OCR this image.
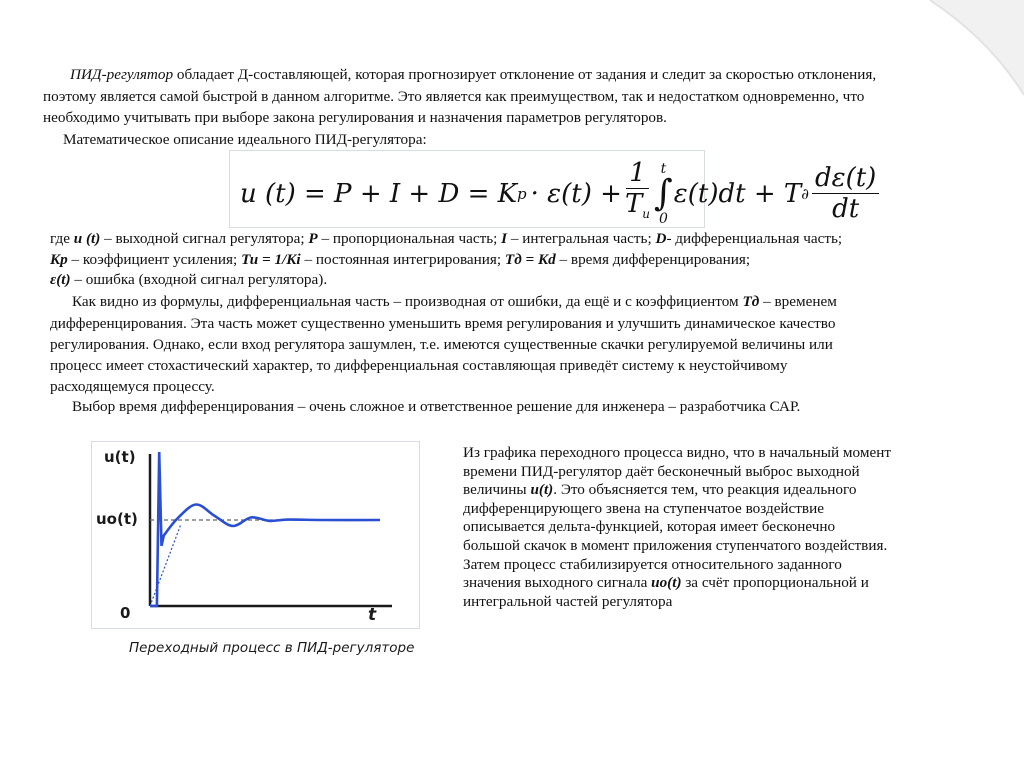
ПИД-регулятор обладает Д-составляющей, которая прогнозирует отклонение от задания и следит за скоростью отклонения,
поэтому является самой быстрой в данном алгоритме. Это является как преимуществом, так и недостатком одновременно, что
необходимо учитывать при выборе закона регулирования и назначения параметров регуляторов.
Математическое описание идеального ПИД-регулятора:
u (t) = P + I + D = K $p \cdot \varepsilon(t) + \frac{1}{T_u}$ t
∫
0
ε(t)dt + T ∂ $\frac{d\varepsilon(t)}{dt}$
где u (t) – выходной сигнал регулятора; P – пропорциональная часть; I – интегральная часть; D- дифференциальная часть;
Kp – коэффициент усиления; Tu = 1/Ki – постоянная интегрирования; Tд = Kd – время дифференцирования;
ε(t) – ошибка (входной сигнал регулятора).
Как видно из формулы, дифференциальная часть – производная от ошибки, да ещё и с коэффициентом Tд – временем
дифференцирования. Эта часть может существенно уменьшить время регулирования и улучшить динамическое качество
регулирования. Однако, если вход регулятора зашумлен, т.е. имеются существенные скачки регулируемой величины или
процесс имеет стохастический характер, то дифференциальная составляющая приведёт систему к неустойчивому
расходящемуся процессу.
Выбор время дифференцирования – очень сложное и ответственное решение для инженера – разработчика САР.
u(t)
uo(t)
0	t
Переходный процесс в ПИД-регуляторе
Из графика переходного процесса видно, что в начальный момент
времени ПИД-регулятор даёт бесконечный выброс выходной
величины u(t). Это объясняется тем, что реакция идеального
дифференцирующего звена на ступенчатое воздействие
описывается дельта-функцией, которая имеет бесконечно
большой скачок в момент приложения ступенчатого воздействия.
Затем процесс стабилизируется относительного заданного
значения выходного сигнала uo(t) за счёт пропорциональной и
интегральной частей регулятора
